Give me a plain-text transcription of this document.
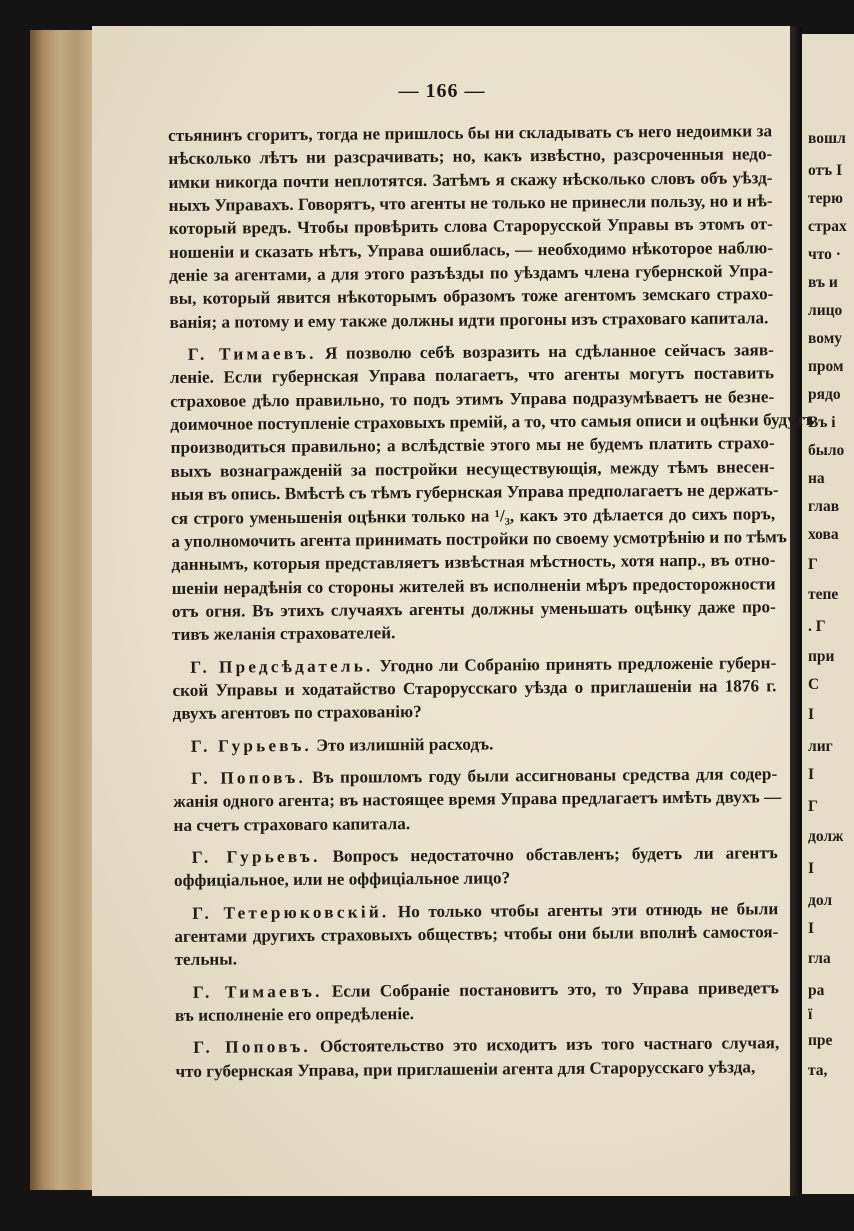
вошл
отъ І
терю
страх
что ·
въ и
лицо
вому
пром
рядо
Въ і
было
на
глав
хова
Г
тепе
. Г
при
С
І
лиг
І
Г
долж
І
дол
І
гла
ра
ї
пре
та,
— 166 —
стьянинъ сгоритъ, тогда не пришлось бы ни складывать съ него недоимки за
нѣсколько лѣтъ ни разсрачивать; но, какъ извѣстно, разсроченныя недо-
имки никогда почти неплотятся. Затѣмъ я скажу нѣсколько словъ объ уѣзд-
ныхъ Управахъ. Говорятъ, что агенты не только не принесли пользу, но и нѣ-
который вредъ. Чтобы провѣрить слова Старорусской Управы въ этомъ от-
ношеніи и сказать нѣтъ, Управа ошиблась, — необходимо нѣкоторое наблю-
деніе за агентами, а для этого разъѣзды по уѣздамъ члена губернской Упра-
вы, который явится нѣкоторымъ образомъ тоже агентомъ земскаго страхо-
ванія; а потому и ему также должны идти прогоны изъ страховаго капитала.
Г. Тимаевъ. Я позволю себѣ возразить на сдѣланное сейчасъ заяв-
леніе. Если губернская Управа полагаетъ, что агенты могутъ поставить
страховое дѣло правильно, то подъ этимъ Управа подразумѣваетъ не безне-
доимочное поступленіе страховыхъ премій, а то, что самыя описи и оцѣнки будутъ
производиться правильно; а вслѣдствіе этого мы не будемъ платить страхо-
выхъ вознагражденій за постройки несуществующія, между тѣмъ внесен-
ныя въ опись. Вмѣстѣ съ тѣмъ губернская Управа предполагаетъ не держать-
ся строго уменьшенія оцѣнки только на ¹/₃, какъ это дѣлается до сихъ поръ,
а уполномочить агента принимать постройки по своему усмотрѣнію и по тѣмъ
даннымъ, которыя представляетъ извѣстная мѣстность, хотя напр., въ отно-
шеніи нерадѣнія со стороны жителей въ исполненіи мѣръ предосторожности
отъ огня. Въ этихъ случаяхъ агенты должны уменьшать оцѣнку даже про-
тивъ желанія страхователей.
Г. Предсѣдатель. Угодно ли Собранію принять предложеніе губерн-
ской Управы и ходатайство Старорусскаго уѣзда о приглашеніи на 1876 г.
двухъ агентовъ по страхованію?
Г. Гурьевъ. Это излишній расходъ.
Г. Поповъ. Въ прошломъ году были ассигнованы средства для содер-
жанія одного агента; въ настоящее время Управа предлагаетъ имѣть двухъ —
на счетъ страховаго капитала.
Г. Гурьевъ. Вопросъ недостаточно обставленъ; будетъ ли агентъ
оффиціальное, или не оффиціальное лицо?
Г. Тетерюковскій. Но только чтобы агенты эти отнюдь не были
агентами другихъ страховыхъ обществъ; чтобы они были вполнѣ самостоя-
тельны.
Г. Тимаевъ. Если Собраніе постановитъ это, то Управа приведетъ
въ исполненіе его опредѣленіе.
Г. Поповъ. Обстоятельство это исходитъ изъ того частнаго случая,
что губернская Управа, при приглашеніи агента для Старорусскаго уѣзда,
